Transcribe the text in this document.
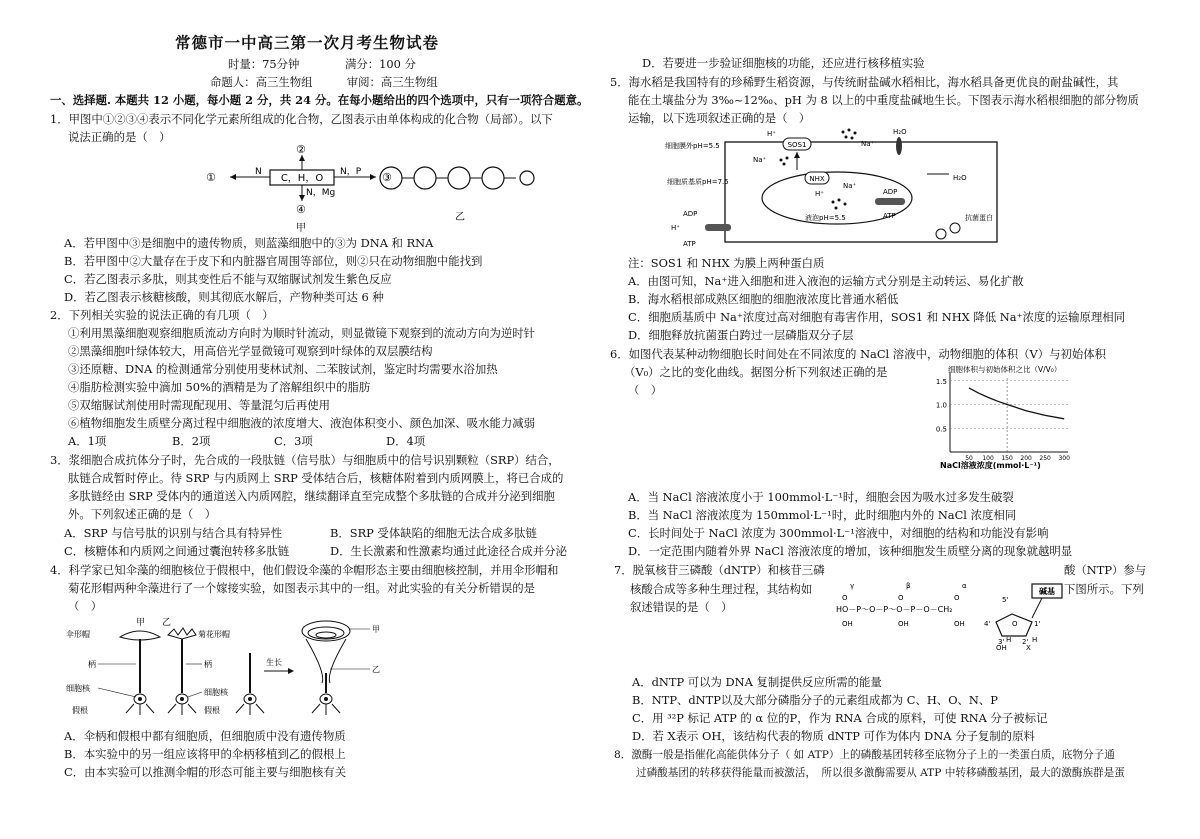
常德市一中高三第一次月考生物试卷
时量：75分钟　　　　满分：100 分
命题人：高三生物组　　　审阅：高三生物组
一、选择题. 本题共 12 小题，每小题 2 分，共 24 分。在每小题给出的四个选项中，只有一项符合题意。
1．甲图中①②③④表示不同化学元素所组成的化合物，乙图表示由单体构成的化合物（局部）。以下
说法正确的是（　）
C，H，O
N
①	N，P ③
②
N，Mg
④
甲
乙
A．若甲图中③是细胞中的遗传物质，则蓝藻细胞中的③为 DNA 和 RNA
B．若甲图中②大量存在于皮下和内脏器官周围等部位，则②只在动物细胞中能找到
C．若乙图表示多肽，则其变性后不能与双缩脲试剂发生紫色反应
D．若乙图表示核糖核酸，则其彻底水解后，产物种类可达 6 种
2．下列相关实验的说法正确的有几项（　）
①利用黑藻细胞观察细胞质流动方向时为顺时针流动，则显微镜下观察到的流动方向为逆时针
②黑藻细胞叶绿体较大，用高倍光学显微镜可观察到叶绿体的双层膜结构
③还原糖、DNA 的检测通常分别使用斐林试剂、二苯胺试剂，鉴定时均需要水浴加热
④脂肪检测实验中滴加 50%的酒精是为了溶解组织中的脂肪
⑤双缩脲试剂使用时需现配现用、等量混匀后再使用
⑥植物细胞发生质壁分离过程中细胞液的浓度增大、液泡体积变小、颜色加深、吸水能力减弱
A．1项	B．2项	C．3项	D．4项
3．浆细胞合成抗体分子时，先合成的一段肽链（信号肽）与细胞质中的信号识别颗粒（SRP）结合，
肽链合成暂时停止。待 SRP 与内质网上 SRP 受体结合后，核糖体附着到内质网膜上，将已合成的
多肽链经由 SRP 受体内的通道送入内质网腔，继续翻译直至完成整个多肽链的合成并分泌到细胞
外。下列叙述正确的是（　）
A．SRP 与信号肽的识别与结合具有特异性	B．SRP 受体缺陷的细胞无法合成多肽链
C．核糖体和内质网之间通过囊泡转移多肽链	D．生长激素和性激素均通过此途径合成并分泌
4．科学家已知伞藻的细胞核位于假根中，他们假设伞藻的伞帽形态主要由细胞核控制，并用伞形帽和
菊花形帽两种伞藻进行了一个嫁接实验，如图表示其中的一组。对此实验的有关分析错误的是
（　）
甲 乙
伞形帽
柄
细胞核
假根
菊花形帽
柄
细胞核
假根
生长
甲
乙
A．伞柄和假根中都有细胞质，但细胞质中没有遗传物质
B．本实验中的另一组应该将甲的伞柄移植到乙的假根上
C．由本实验可以推测伞帽的形态可能主要与细胞核有关
D．若要进一步验证细胞核的功能，还应进行核移植实验
5．海水稻是我国特有的珍稀野生稻资源，与传统耐盐碱水稻相比，海水稻具备更优良的耐盐碱性，其
能在土壤盐分为 3‰~12‰、pH 为 8 以上的中重度盐碱地生长。下图表示海水稻根细胞的部分物质
运输，以下选项叙述正确的是（　）
细胞膜外pH=5.5
细胞质基质pH=7.5
液泡pH=5.5
SOS1
NHX
H⁺
Na⁺
H⁺
Na⁺
Na⁺
H₂O
H₂O
ADP
ATP
ADP
ATP
H⁺
抗菌蛋白
注：SOS1 和 NHX 为膜上两种蛋白质
A．由图可知，Na⁺进入细胞和进入液泡的运输方式分别是主动转运、易化扩散
B．海水稻根部成熟区细胞的细胞液浓度比普通水稻低
C．细胞质基质中 Na⁺浓度过高对细胞有毒害作用，SOS1 和 NHX 降低 Na⁺浓度的运输原理相同
D．细胞释放抗菌蛋白跨过一层磷脂双分子层
6．如图代表某种动物细胞长时间处在不同浓度的 NaCl 溶液中，动物细胞的体积（V）与初始体积
（V₀）之比的变化曲线。据图分析下列叙述正确的是
（　）
细胞体积与初始体积之比（V/V₀）
0.5
1.0
1.5
50 100 150 200 250 300
NaCl溶液浓度(mmol·L⁻¹)
A．当 NaCl 溶液浓度小于 100mmol·L⁻¹时，细胞会因为吸水过多发生破裂
B．当 NaCl 溶液浓度为 150mmol·L⁻¹时，此时细胞内外的 NaCl 浓度相同
C．长时间处于 NaCl 浓度为 300mmol·L⁻¹溶液中，对细胞的结构和功能没有影响
D．一定范围内随着外界 NaCl 溶液浓度的增加，该种细胞发生质壁分离的现象就越明显
7．脱氧核苷三磷酸（dNTP）和核苷三磷	酸（NTP）参与
核酸合成等多种生理过程，其结构如	下图所示。下列
叙述错误的是（　）
γ	β	α
HO－P～O－P～O－P－O－CH₂
O	O	O
OH	OH	OH
5'
碱基
O
4'	1'
3'	2'
H	H
OH	X
A．dNTP 可以为 DNA 复制提供反应所需的能量
B．NTP、dNTP以及大部分磷脂分子的元素组成都为 C、H、O、N、P
C．用 ³²P 标记 ATP 的 α 位的P，作为 RNA 合成的原料，可使 RNA 分子被标记
D．若 X表示 OH，该结构代表的物质 dNTP 可作为体内 DNA 分子复制的原料
8．激酶一般是指催化高能供体分子（ 如 ATP）上的磷酸基团转移至底物分子上的一类蛋白质，底物分子通
过磷酸基团的转移获得能量而被激活，　所以很多激酶需要从 ATP 中转移磷酸基团，最大的激酶族群是蛋
